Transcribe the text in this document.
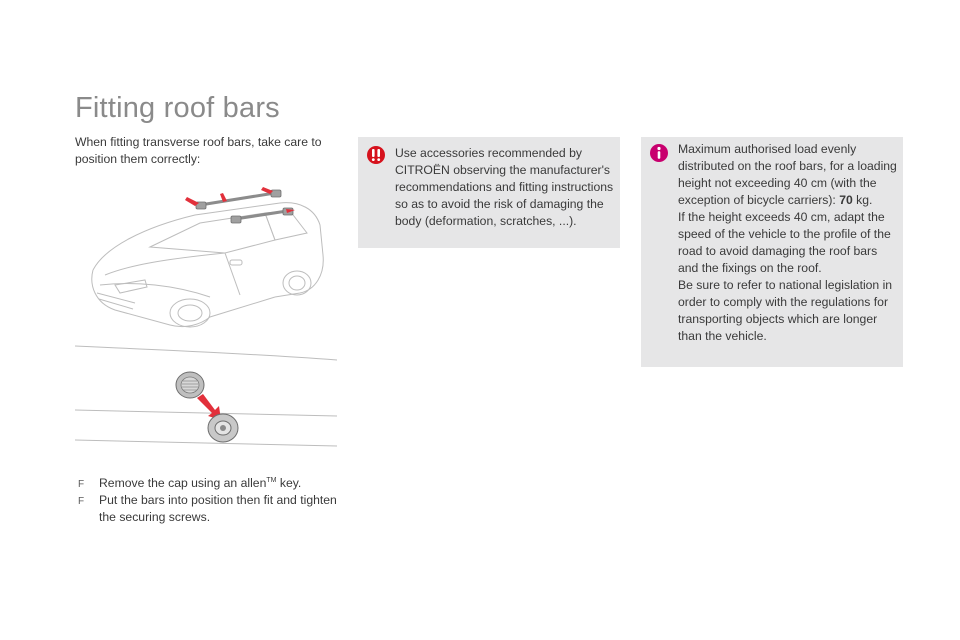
Fitting roof bars
When fitting transverse roof bars, take care to position them correctly:
F Remove the cap using an allen™ key.
F Put the bars into position then fit and tighten the securing screws.
Use accessories recommended by CITROËN observing the manufacturer's recommendations and fitting instructions so as to avoid the risk of damaging the body (deformation, scratches, ...).

Maximum authorised load evenly distributed on the roof bars, for a loading height not exceeding 40 cm (with the exception of bicycle carriers): 70 kg.

If the height exceeds 40 cm, adapt the speed of the vehicle to the profile of the road to avoid damaging the roof bars and the fixings on the roof.

Be sure to refer to national legislation in order to comply with the regulations for transporting objects which are longer than the vehicle.
